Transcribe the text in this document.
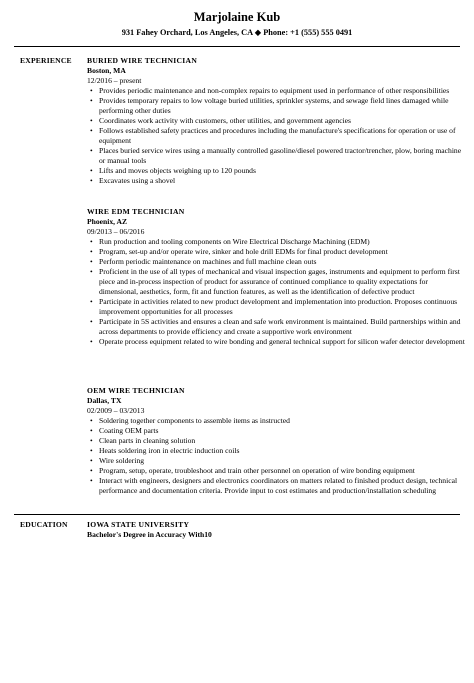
Marjolaine Kub
931 Fahey Orchard, Los Angeles, CA ◆ Phone: +1 (555) 555 0491
EXPERIENCE BURIED WIRE TECHNICIAN
Boston, MA
12/2016 – present
• Provides periodic maintenance and non-complex repairs to equipment used in performance of other responsibilities
• Provides temporary repairs to low voltage buried utilities, sprinkler systems, and sewage field lines damaged while performing other duties
• Coordinates work activity with customers, other utilities, and government agencies
• Follows established safety practices and procedures including the manufacture's specifications for operation or use of equipment
• Places buried service wires using a manually controlled gasoline/diesel powered tractor/trencher, plow, boring machine or manual tools
• Lifts and moves objects weighing up to 120 pounds
• Excavates using a shovel
WIRE EDM TECHNICIAN
Phoenix, AZ
09/2013 – 06/2016
• Run production and tooling components on Wire Electrical Discharge Machining (EDM)
• Program, set-up and/or operate wire, sinker and hole drill EDMs for final product development
• Perform periodic maintenance on machines and full machine clean outs
• Proficient in the use of all types of mechanical and visual inspection gages, instruments and equipment to perform first piece and in-process inspection of product for assurance of continued compliance to quality expectations for dimensional, aesthetics, form, fit and function features, as well as the identification of defective product
• Participate in activities related to new product development and implementation into production. Proposes continuous improvement opportunities for all processes
• Participate in 5S activities and ensures a clean and safe work environment is maintained. Build partnerships within and across departments to provide efficiency and create a supportive work environment
• Operate process equipment related to wire bonding and general technical support for silicon wafer detector development
OEM WIRE TECHNICIAN
Dallas, TX
02/2009 – 03/2013
• Soldering together components to assemble items as instructed
• Coating OEM parts
• Clean parts in cleaning solution
• Heats soldering iron in electric induction coils
• Wire soldering
• Program, setup, operate, troubleshoot and train other personnel on operation of wire bonding equipment
• Interact with engineers, designers and electronics coordinators on matters related to finished product design, technical performance and documentation criteria. Provide input to cost estimates and production/installation scheduling
EDUCATION	IOWA STATE UNIVERSITY
Bachelor's Degree in Accuracy With10
